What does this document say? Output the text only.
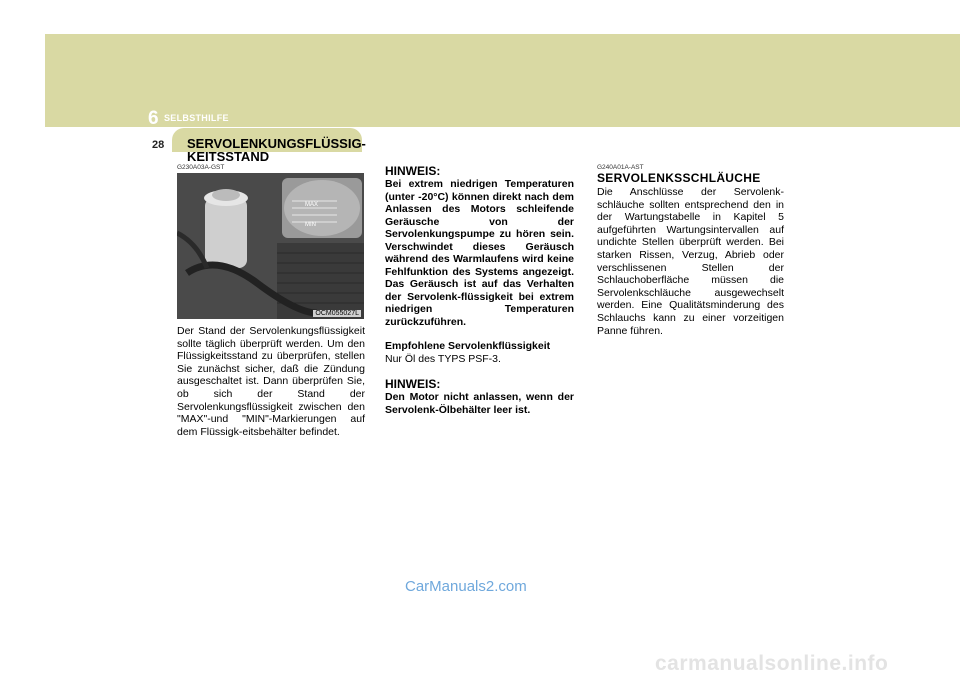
6 SELBSTHILFE
28 SERVOLENKUNGSFLÜSSIG-
KEITSSTAND
G230A03A-GST
MAX
MIN
OCM055027L
Der Stand der Servolenkungsflüssigkeit sollte täglich überprüft werden. Um den Flüssigkeitsstand zu überprüfen, stellen Sie zunächst sicher, daß die Zündung ausgeschaltet ist. Dann überprüfen Sie, ob sich der Stand der Servolenkungsflüssigkeit zwischen den "MAX"-und "MIN"-Markierungen auf dem Flüssigk-eitsbehälter befindet.
HINWEIS:
Bei extrem niedrigen Temperaturen (unter -20°C) können direkt nach dem Anlassen des Motors schleifende Geräusche von der Servolenkungspumpe zu hören sein. Verschwindet dieses Geräusch während des Warmlaufens wird keine Fehlfunktion des Systems angezeigt. Das Geräusch ist auf das Verhalten der Servolenk-flüssigkeit bei extrem niedrigen Temperaturen zurückzuführen.
Empfohlene Servolenkflüssigkeit
Nur Öl des TYPS PSF-3.
HINWEIS:
Den Motor nicht anlassen, wenn der Servolenk-Ölbehälter leer ist.
G240A01A-AST
SERVOLENKSSCHLÄUCHE
Die Anschlüsse der Servolenk-schläuche sollten entsprechend den in der Wartungstabelle in Kapitel 5 aufgeführten Wartungsintervallen auf undichte Stellen überprüft werden. Bei starken Rissen, Verzug, Abrieb oder verschlissenen Stellen der Schlauchoberfläche müssen die Servolenkschläuche ausgewechselt werden. Eine Qualitätsminderung des Schlauchs kann zu einer vorzeitigen Panne führen.
CarManuals2.com
carmanualsonline.info
